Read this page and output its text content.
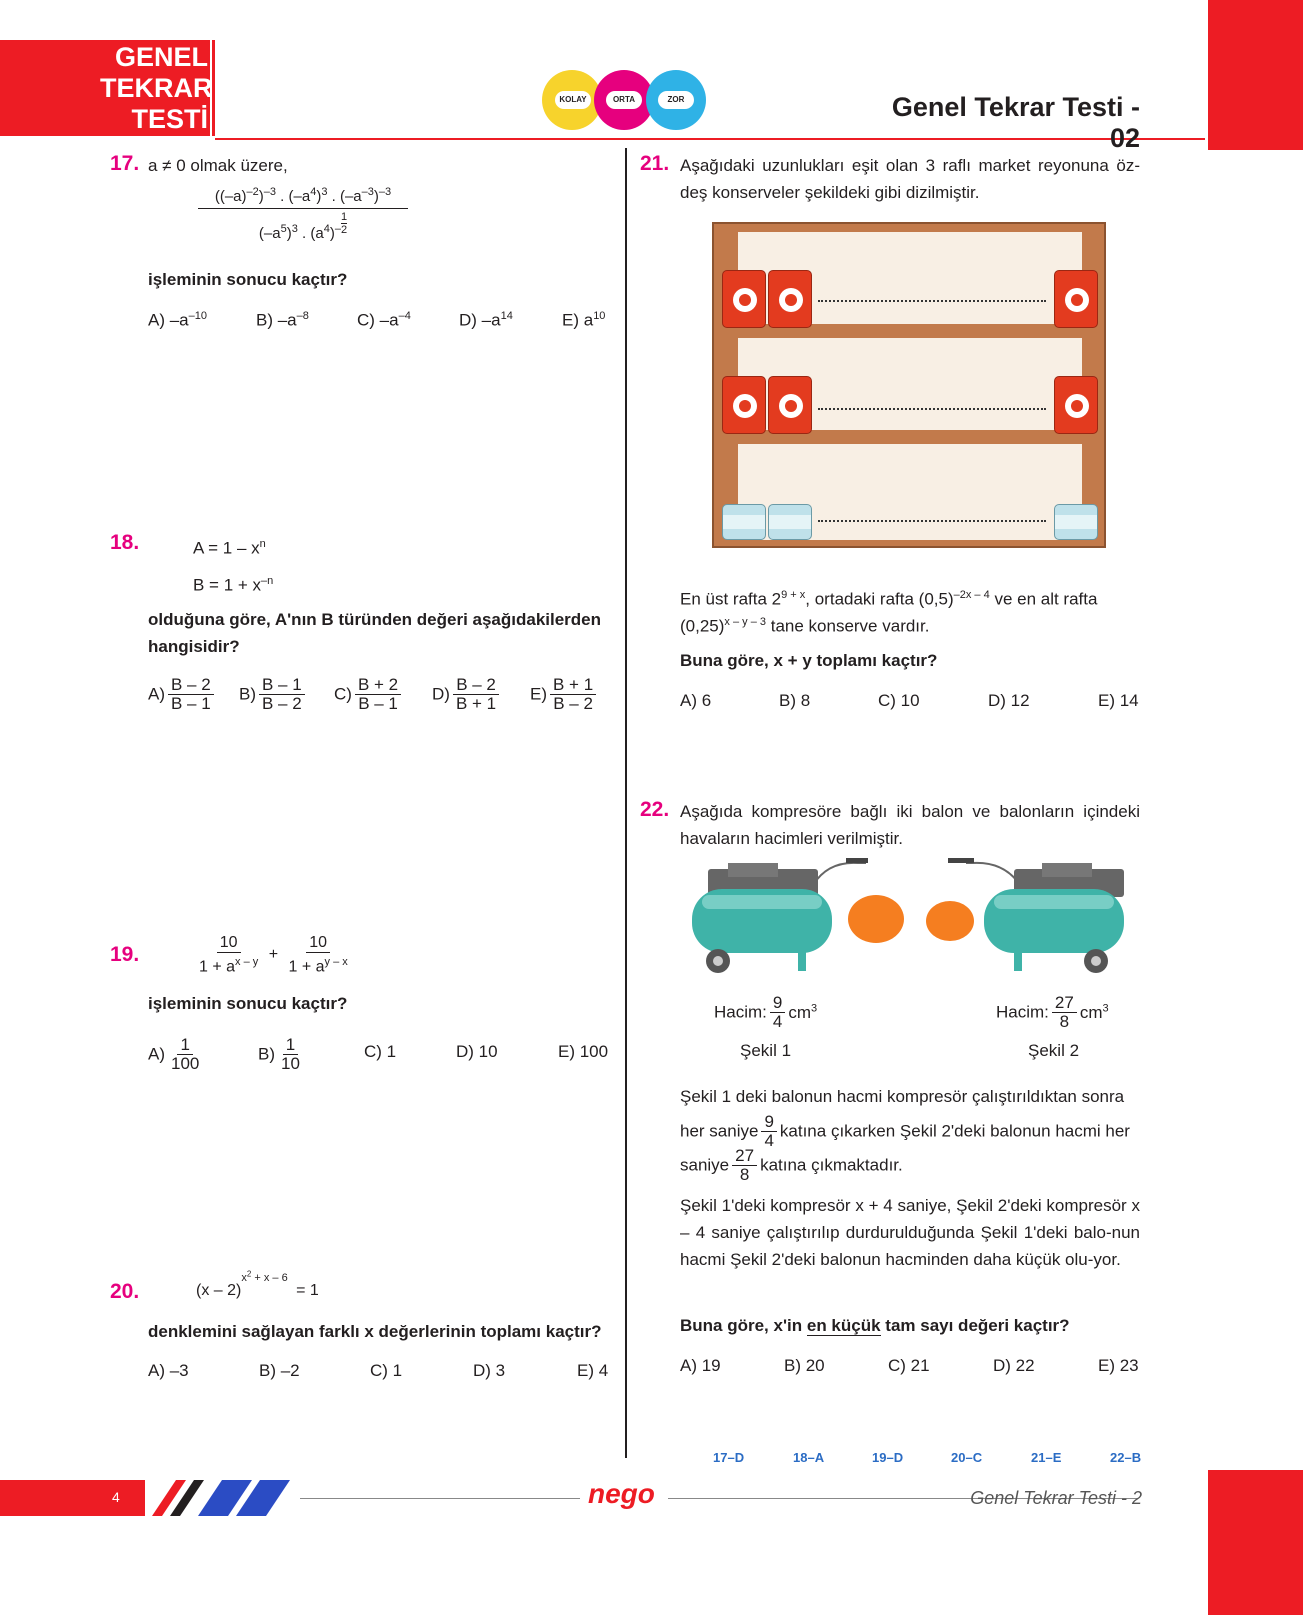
GENEL
TEKRAR
TESTİ
KOLAY	ORTA	ZOR	Genel Tekrar Testi - 02
17. a ≠ 0 olmak üzere,
$((-a)^{-2})^{-3}$ . $(-a^4)^3$ . $(-a^{-3})^{-3}$
$(-a^5)^3$ . $(a^4)^{- \frac{1}{2}}$
işleminin sonucu kaçtır?
A) $-a^{-10}$	B) $-a^{-8}$	C) $-a^{-4}$	D) $-a^{14}$	E) $a^{10}$
18.	$A = 1 - x^n$
$B = 1 + x^{-n}$
olduğuna göre, A'nın B türünden değeri aşağıdakilerden hangisidir?
$A) \frac{B - 2}{B - 1} B) \frac{B - 1}{B - 2} C) \frac{B + 2}{B - 1} D) \frac{B - 2}{B + 1} E) \frac{B + 1}{B - 2}$
19.	$\frac{10}{1 + a^{x - y}} + \frac{10}{1 + a^{y - x}}$
işleminin sonucu kaçtır?
$A) \frac{1}{100}$	$B) \frac{1}{10}$	C) 1	D) 10	E) 100
20.	(x – 2)$^{x^2 + x - 6}$ = 1
denklemini sağlayan farklı x değerlerinin toplamı kaçtır?
A) –3	B) –2	C) 1	D) 3	E) 4
21. Aşağıdaki uzunlukları eşit olan 3 raflı market reyonuna öz-deş konserveler şekildeki gibi dizilmiştir.
En üst rafta $2^{9 + x}$, ortadaki rafta $(0,5)^{-2x - 4}$ ve en alt rafta
$(0,25)^{x - y - 3}$ tane konserve vardır.
Buna göre, x + y toplamı kaçtır?
A) 6	B) 8	C) 10	D) 12	E) 14
22. Aşağıda kompresöre bağlı iki balon ve balonların içindeki havaların hacimleri verilmiştir.
Hacim: $\frac{9}{4} cm^3$
Şekil 1
Hacim: $\frac{27}{8} cm^3$
Şekil 2
Şekil 1 deki balonun hacmi kompresör çalıştırıldıktan sonra
her saniye $\frac{9}{4}$ katına çıkarken Şekil 2'deki balonun hacmi her
saniye $\frac{27}{8}$ katına çıkmaktadır.
Şekil 1'deki kompresör x + 4 saniye, Şekil 2'deki kompresör x – 4 saniye çalıştırılıp durdurulduğunda Şekil 1'deki balo-nun hacmi Şekil 2'deki balonun hacminden daha küçük olu-yor.
Buna göre, x'in en küçük tam sayı değeri kaçtır?
A) 19	B) 20	C) 21	D) 22	E) 23
17–D	18–A	19–D	20–C	21–E	22–B
4	nego	Genel Tekrar Testi - 2
